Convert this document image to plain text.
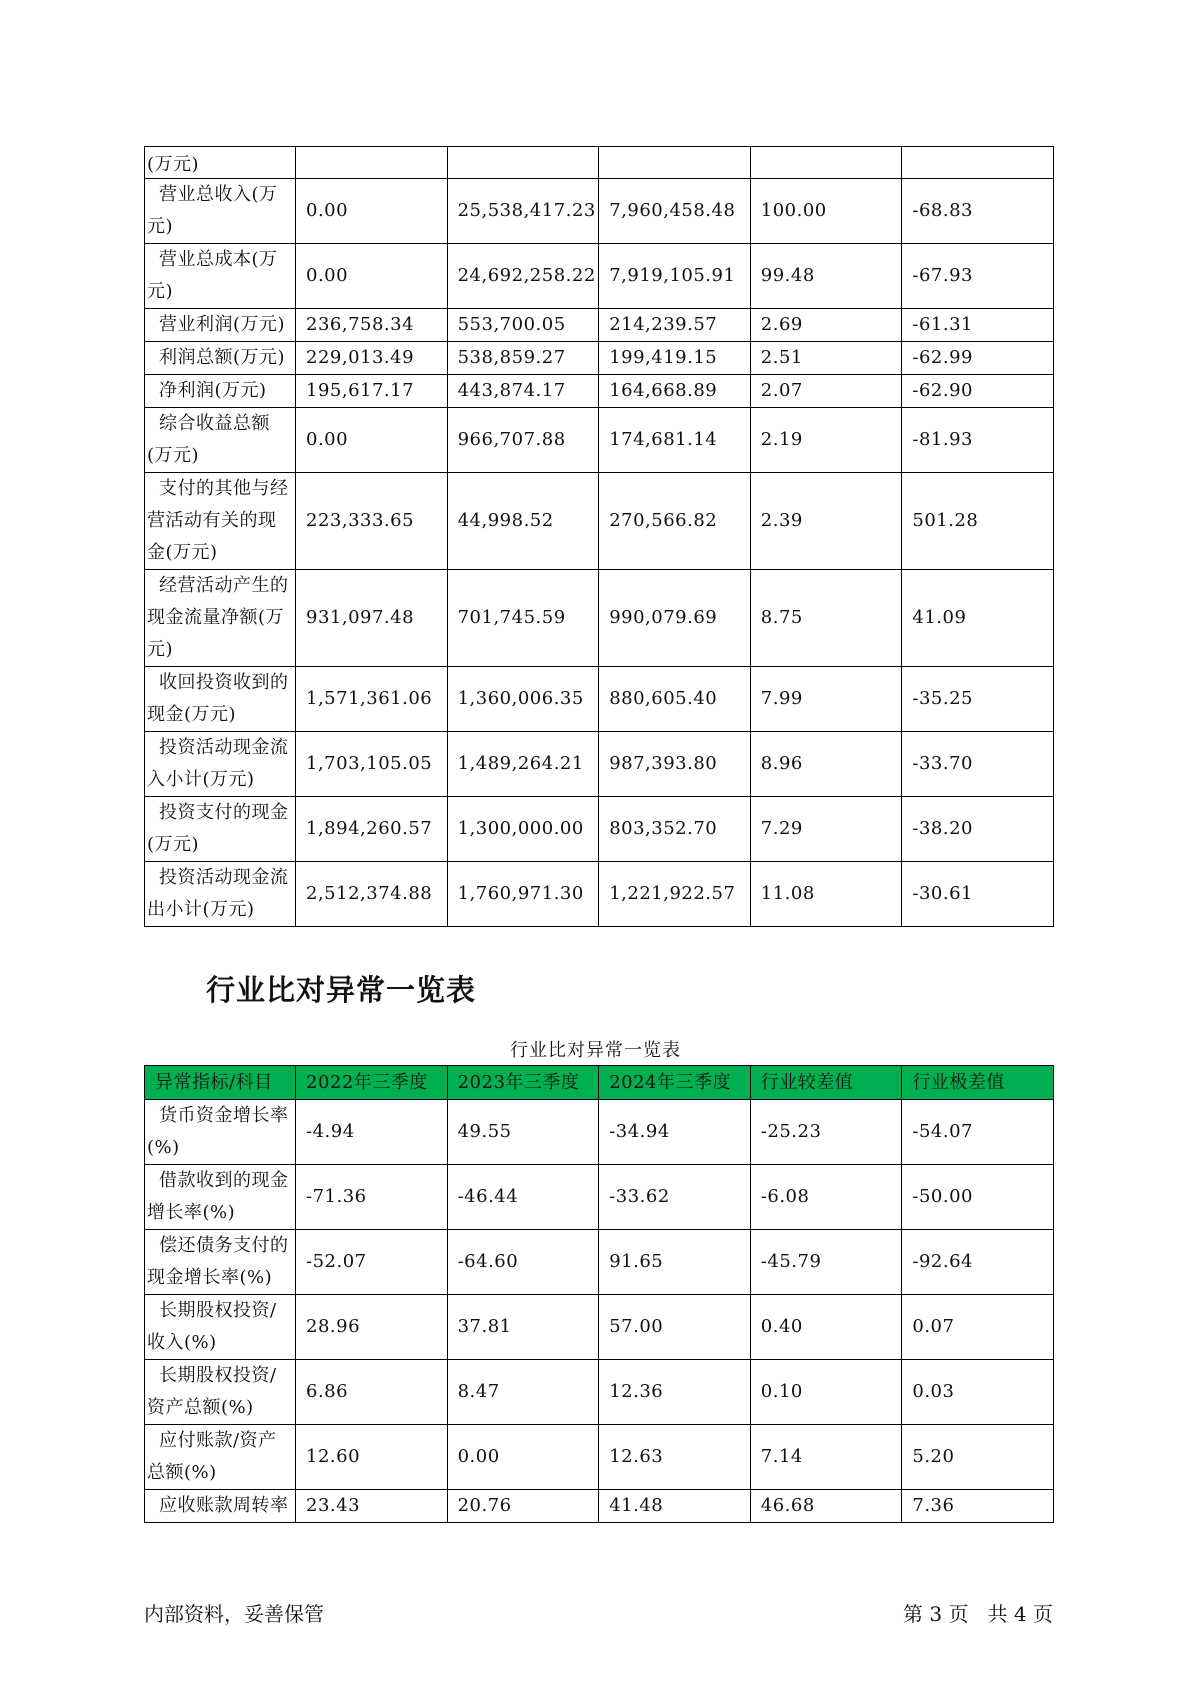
(万元)					
营业总收入(万元)	0.00	25,538,417.23	7,960,458.48	100.00	-68.83
营业总成本(万元)	0.00	24,692,258.22	7,919,105.91	99.48	-67.93
营业利润(万元)	236,758.34	553,700.05	214,239.57	2.69	-61.31
利润总额(万元)	229,013.49	538,859.27	199,419.15	2.51	-62.99
净利润(万元)	195,617.17	443,874.17	164,668.89	2.07	-62.90
综合收益总额(万元)	0.00	966,707.88	174,681.14	2.19	-81.93
支付的其他与经营活动有关的现金(万元)	223,333.65	44,998.52	270,566.82	2.39	501.28
经营活动产生的现金流量净额(万元)	931,097.48	701,745.59	990,079.69	8.75	41.09
收回投资收到的现金(万元)	1,571,361.06	1,360,006.35	880,605.40	7.99	-35.25
投资活动现金流入小计(万元)	1,703,105.05	1,489,264.21	987,393.80	8.96	-33.70
投资支付的现金(万元)	1,894,260.57	1,300,000.00	803,352.70	7.29	-38.20
投资活动现金流出小计(万元)	2,512,374.88	1,760,971.30	1,221,922.57	11.08	-30.61
行业比对异常一览表
行业比对异常一览表
异常指标/科目	2022年三季度	2023年三季度	2024年三季度	行业较差值	行业极差值
货币资金增长率(%)	-4.94	49.55	-34.94	-25.23	-54.07
借款收到的现金增长率(%)	-71.36	-46.44	-33.62	-6.08	-50.00
偿还债务支付的现金增长率(%)	-52.07	-64.60	91.65	-45.79	-92.64
长期股权投资/收入(%)	28.96	37.81	57.00	0.40	0.07
长期股权投资/资产总额(%)	6.86	8.47	12.36	0.10	0.03
应付账款/资产总额(%)	12.60	0.00	12.63	7.14	5.20
应收账款周转率	23.43	20.76	41.48	46.68	7.36
内部资料，妥善保管	第 3 页   共 4 页
